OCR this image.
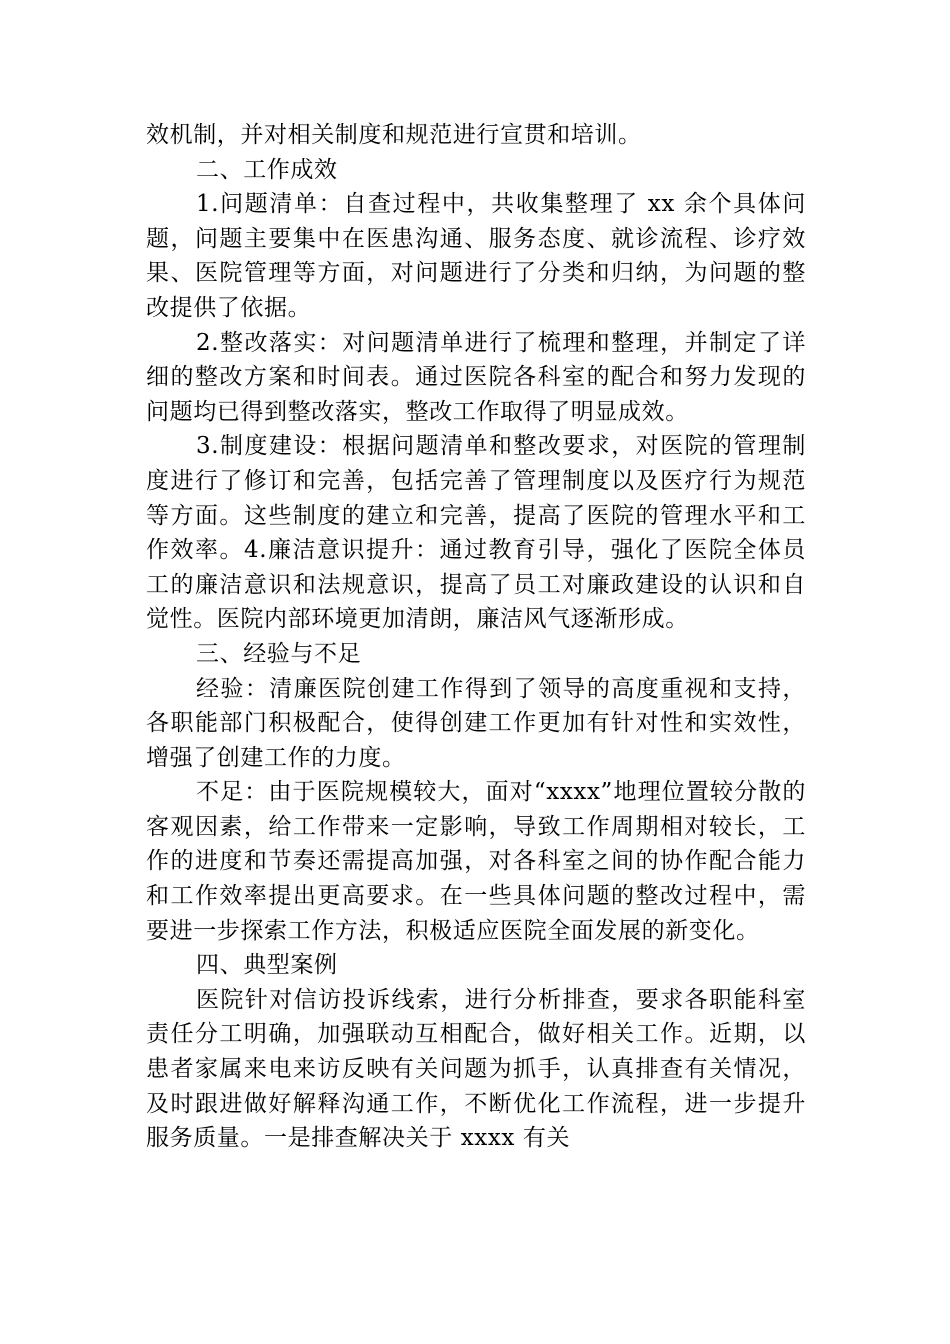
效机制，并对相关制度和规范进行宣贯和培训。

二、工作成效

1.问题清单：自查过程中，共收集整理了 xx 余个具体问题，问题主要集中在医患沟通、服务态度、就诊流程、诊疗效果、医院管理等方面，对问题进行了分类和归纳，为问题的整改提供了依据。

2.整改落实：对问题清单进行了梳理和整理，并制定了详细的整改方案和时间表。通过医院各科室的配合和努力发现的问题均已得到整改落实，整改工作取得了明显成效。

3.制度建设：根据问题清单和整改要求，对医院的管理制度进行了修订和完善，包括完善了管理制度以及医疗行为规范等方面。这些制度的建立和完善，提高了医院的管理水平和工作效率。4.廉洁意识提升：通过教育引导，强化了医院全体员工的廉洁意识和法规意识，提高了员工对廉政建设的认识和自觉性。医院内部环境更加清朗，廉洁风气逐渐形成。

三、经验与不足

经验：清廉医院创建工作得到了领导的高度重视和支持，各职能部门积极配合，使得创建工作更加有针对性和实效性，增强了创建工作的力度。

不足：由于医院规模较大，面对“xxxx”地理位置较分散的客观因素，给工作带来一定影响，导致工作周期相对较长，工作的进度和节奏还需提高加强，对各科室之间的协作配合能力和工作效率提出更高要求。在一些具体问题的整改过程中，需要进一步探索工作方法，积极适应医院全面发展的新变化。

四、典型案例

医院针对信访投诉线索，进行分析排查，要求各职能科室责任分工明确，加强联动互相配合，做好相关工作。近期，以患者家属来电来访反映有关问题为抓手，认真排查有关情况，及时跟进做好解释沟通工作，不断优化工作流程，进一步提升服务质量。一是排查解决关于 xxxx 有关
